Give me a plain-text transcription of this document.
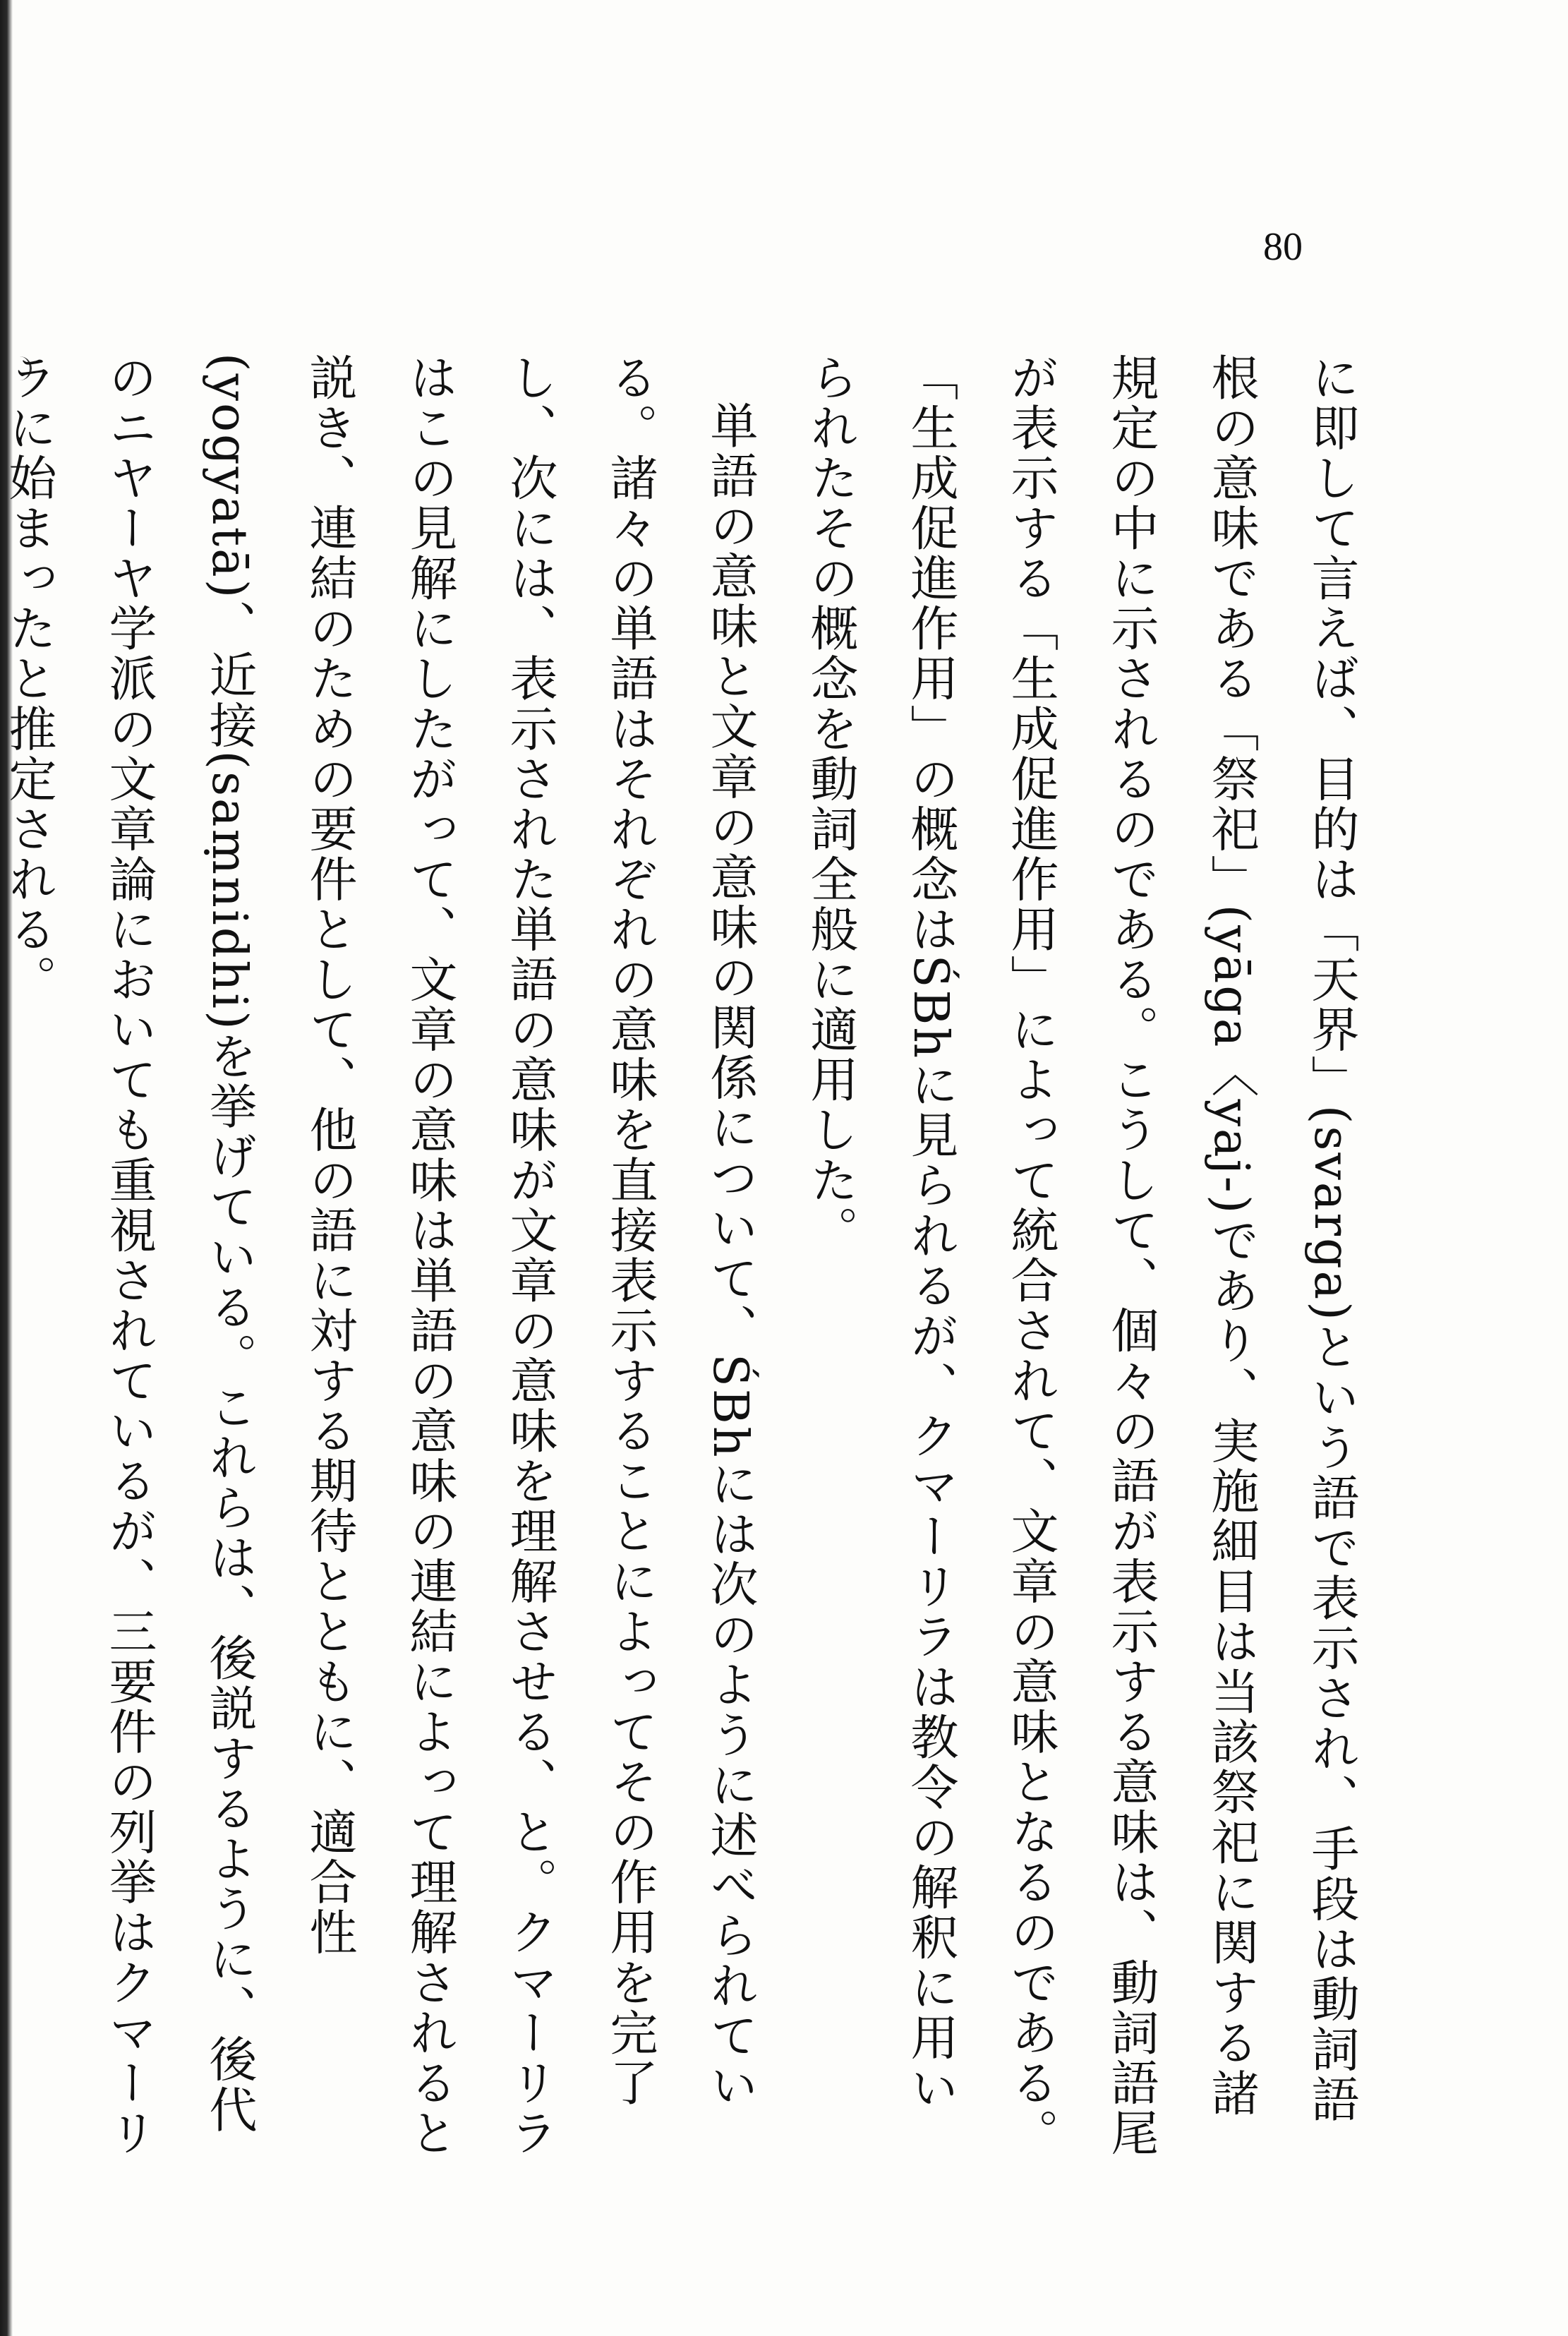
80

に即して言えば、目的は「天界」(svarga)という語で表示され、手段は動詞語根の意味である「祭祀」(yāga〈yaj-)であり、実施細目は当該祭祀に関する諸規定の中に示されるのである。こうして、個々の語が表示する意味は、動詞語尾が表示する「生成促進作用」によって統合されて、文章の意味となるのである。「生成促進作用」の概念はŚBhに見られるが、クマーリラは教令の解釈に用いられたその概念を動詞全般に適用した。

単語の意味と文章の意味の関係について、ŚBhには次のように述べられている。諸々の単語はそれぞれの意味を直接表示することによってその作用を完了し、次には、表示された単語の意味が文章の意味を理解させる、と。クマーリラはこの見解にしたがって、文章の意味は単語の意味の連結によって理解されると説き、連結のための要件として、他の語に対する期待とともに、適合性(yogyatā)、近接(saṃnidhi)を挙げている。これらは、後説するように、後代のニヤーヤ学派の文章論においても重視されているが、三要件の列挙はクマーリラに始まったと推定される。
